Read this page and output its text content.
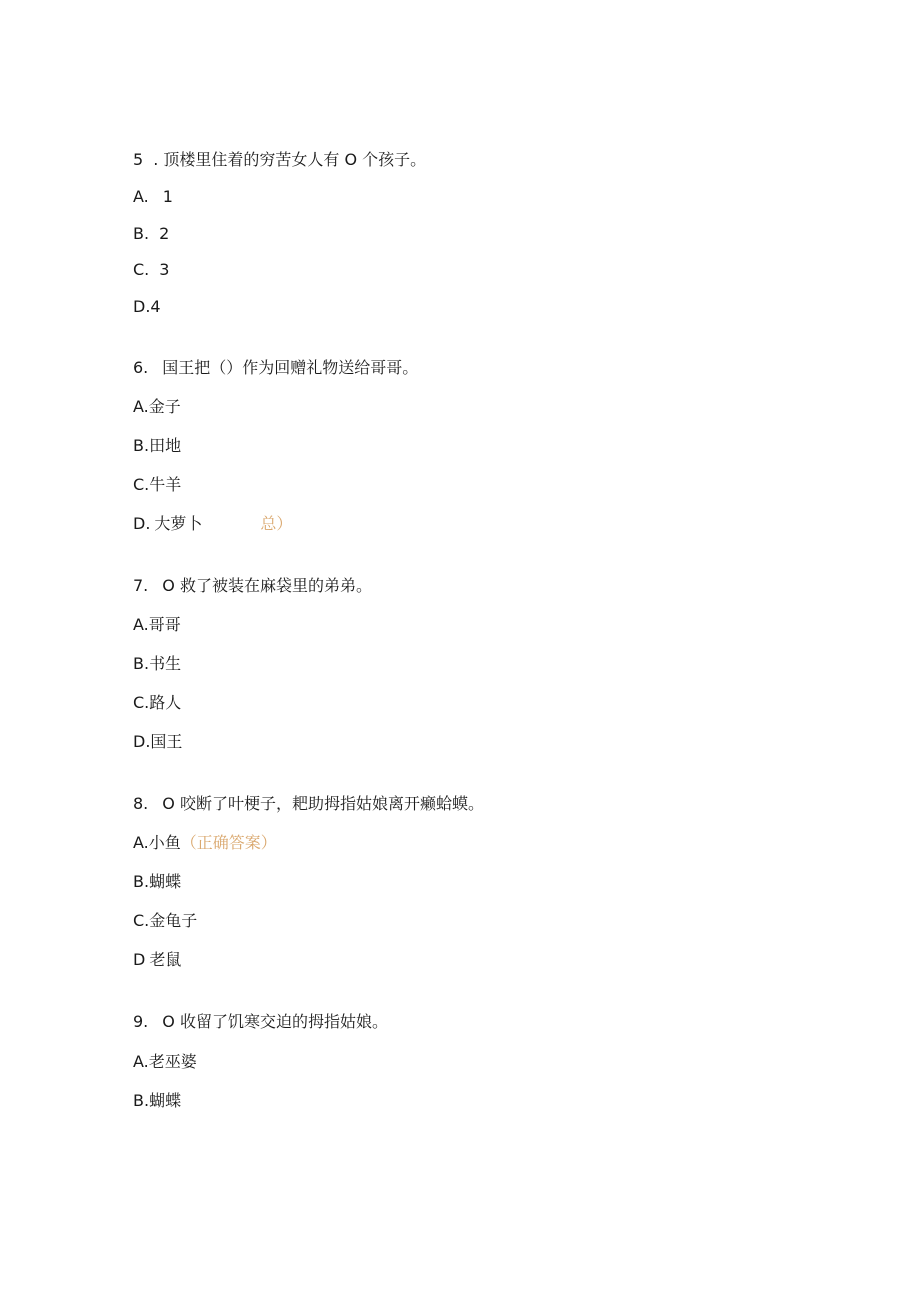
5 . 顶楼里住着的穷苦女人有 O 个孩子。
A. 1
B. 2
C. 3
D.4
6. 国王把（）作为回赠礼物送给哥哥。
A.金子
B.田地
C.牛羊
D. 大萝卜	总）
7. O 救了被装在麻袋里的弟弟。
A.哥哥
B.书生
C.路人
D.国王
8. O 咬断了叶梗子，耙助拇指姑娘离开癞蛤蟆。
A.小鱼（正确答案）
B.蝴蝶
C.金龟子
D 老鼠
9. O 收留了饥寒交迫的拇指姑娘。
A.老巫婆
B.蝴蝶
